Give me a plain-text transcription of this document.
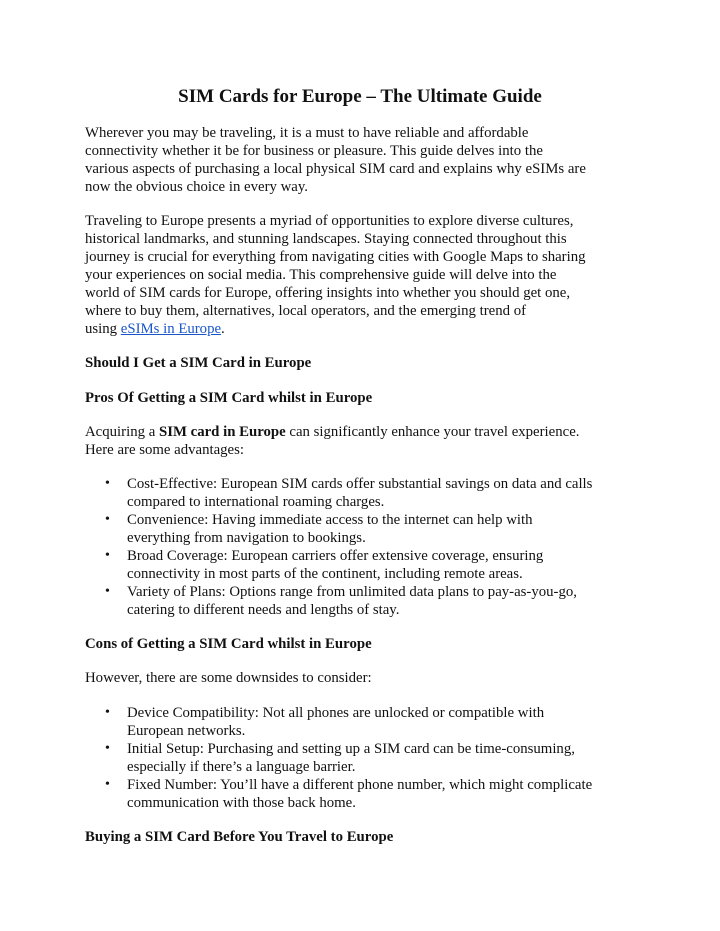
SIM Cards for Europe – The Ultimate Guide
Wherever you may be traveling, it is a must to have reliable and affordable
connectivity whether it be for business or pleasure. This guide delves into the
various aspects of purchasing a local physical SIM card and explains why eSIMs are
now the obvious choice in every way.
Traveling to Europe presents a myriad of opportunities to explore diverse cultures,
historical landmarks, and stunning landscapes. Staying connected throughout this
journey is crucial for everything from navigating cities with Google Maps to sharing
your experiences on social media. This comprehensive guide will delve into the
world of SIM cards for Europe, offering insights into whether you should get one,
where to buy them, alternatives, local operators, and the emerging trend of
using eSIMs in Europe.
Should I Get a SIM Card in Europe
Pros Of Getting a SIM Card whilst in Europe
Acquiring a SIM card in Europe can significantly enhance your travel experience.
Here are some advantages:
• Cost-Effective: European SIM cards offer substantial savings on data and calls
compared to international roaming charges.
• Convenience: Having immediate access to the internet can help with
everything from navigation to bookings.
• Broad Coverage: European carriers offer extensive coverage, ensuring
connectivity in most parts of the continent, including remote areas.
• Variety of Plans: Options range from unlimited data plans to pay-as-you-go,
catering to different needs and lengths of stay.
Cons of Getting a SIM Card whilst in Europe
However, there are some downsides to consider:
• Device Compatibility: Not all phones are unlocked or compatible with
European networks.
• Initial Setup: Purchasing and setting up a SIM card can be time-consuming,
especially if there’s a language barrier.
• Fixed Number: You’ll have a different phone number, which might complicate
communication with those back home.
Buying a SIM Card Before You Travel to Europe
